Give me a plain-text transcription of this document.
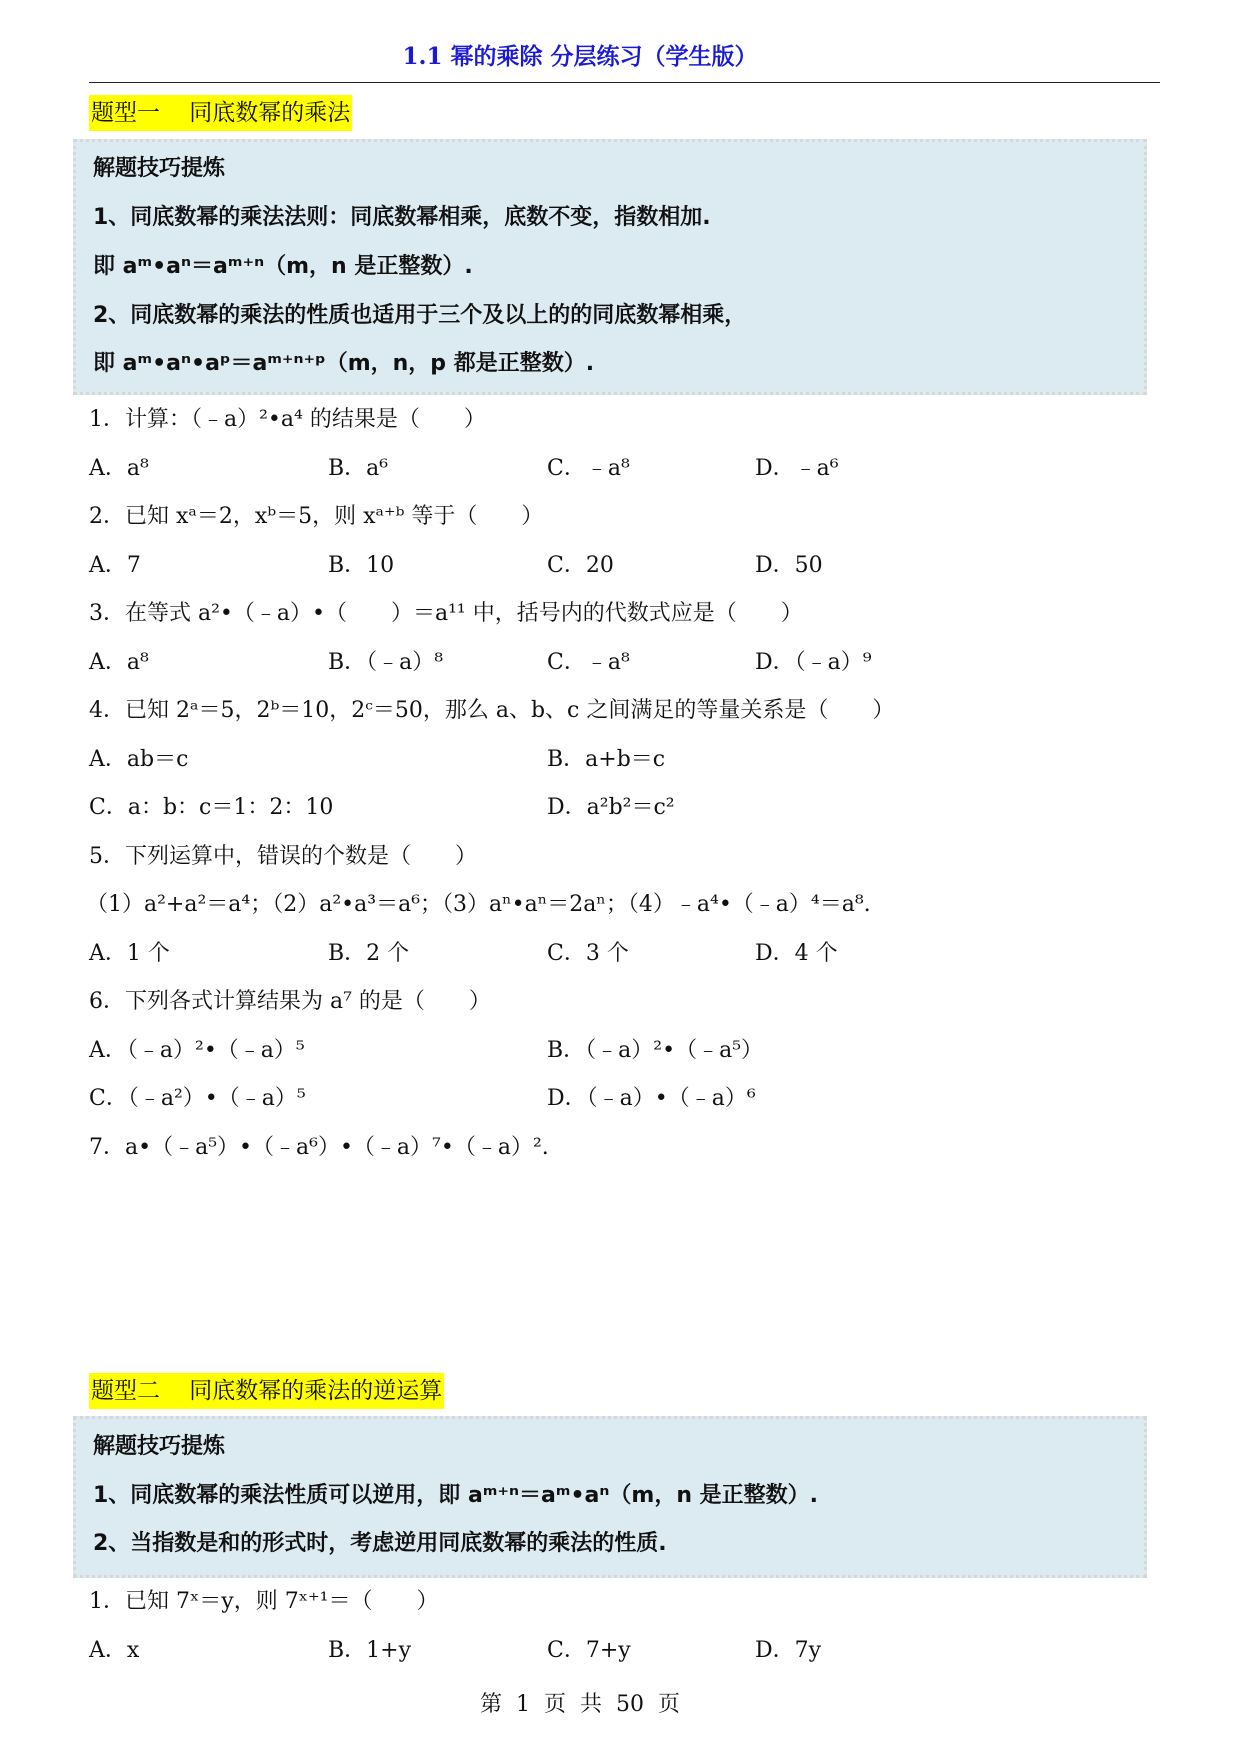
1.1 幂的乘除 分层练习（学生版）
题型一    同底数幂的乘法
解题技巧提炼
1、同底数幂的乘法法则：同底数幂相乘，底数不变，指数相加.
即 aᵐ•aⁿ＝aᵐ⁺ⁿ（m，n 是正整数）.
2、同底数幂的乘法的性质也适用于三个及以上的的同底数幂相乘，
即 aᵐ•aⁿ•aᵖ＝aᵐ⁺ⁿ⁺ᵖ（m，n，p 都是正整数）.
1．计算：（﹣a）²•a⁴ 的结果是（　　）
A．a⁸	B．a⁶	C．﹣a⁸	D．﹣a⁶
2．已知 xᵃ＝2，xᵇ＝5，则 xᵃ⁺ᵇ 等于（　　）
A．7	B．10	C．20	D．50
3．在等式 a²•（﹣a）•（　　）＝a¹¹ 中，括号内的代数式应是（　　）
A．a⁸	B．（﹣a）⁸	C．﹣a⁸	D．（﹣a）⁹
4．已知 2ᵃ＝5，2ᵇ＝10，2ᶜ＝50，那么 a、b、c 之间满足的等量关系是（　　）
A．ab＝c	B．a+b＝c
C．a：b：c＝1：2：10	D．a²b²＝c²
5．下列运算中，错误的个数是（　　）
（1）a²+a²＝a⁴；（2）a²•a³＝a⁶；（3）aⁿ•aⁿ＝2aⁿ；（4）﹣a⁴•（﹣a）⁴＝a⁸.
A．1 个	B．2 个	C．3 个	D．4 个
6．下列各式计算结果为 a⁷ 的是（　　）
A．（﹣a）²•（﹣a）⁵	B．（﹣a）²•（﹣a⁵）
C．（﹣a²）•（﹣a）⁵	D．（﹣a）•（﹣a）⁶
7．a•（﹣a⁵）•（﹣a⁶）•（﹣a）⁷•（﹣a）².
题型二    同底数幂的乘法的逆运算
解题技巧提炼
1、同底数幂的乘法性质可以逆用，即 aᵐ⁺ⁿ＝aᵐ•aⁿ（m，n 是正整数）.
2、当指数是和的形式时，考虑逆用同底数幂的乘法的性质.
1．已知 7ˣ＝y，则 7ˣ⁺¹＝（　　）
A．x	B．1+y	C．7+y	D．7y
第  1  页  共  50  页
